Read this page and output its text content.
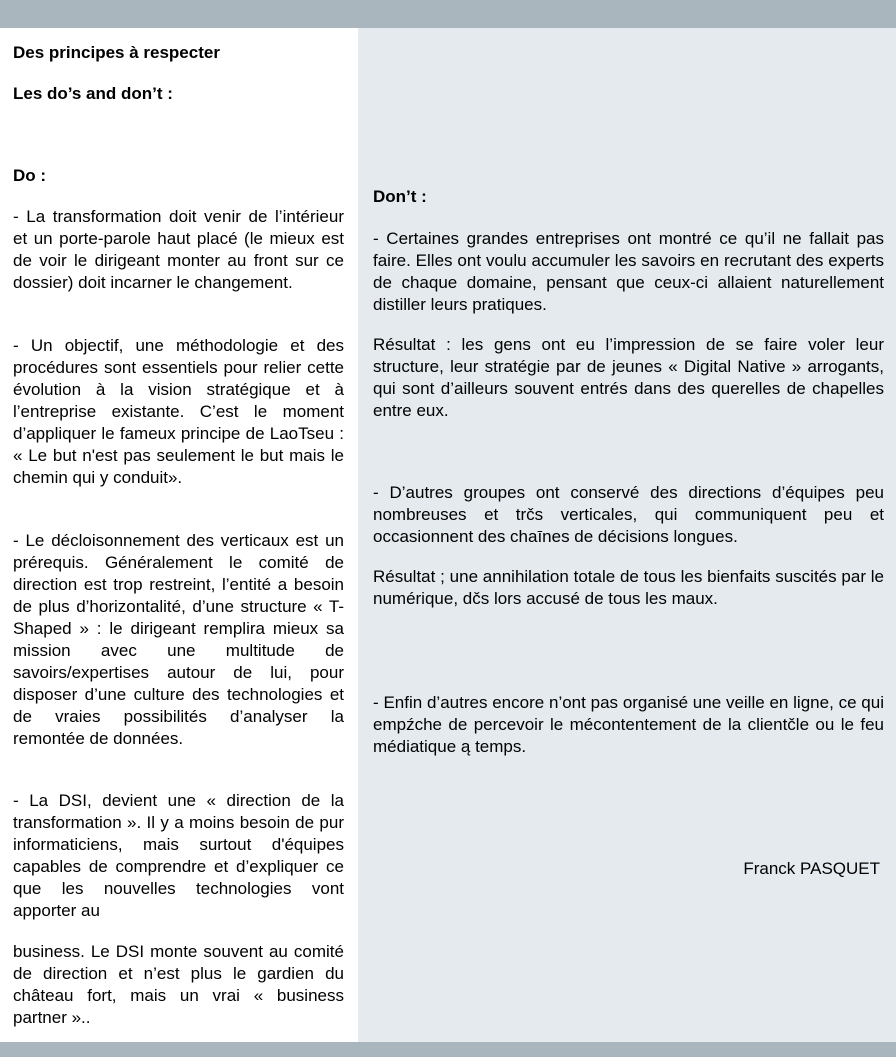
Des principes à respecter

Les do’s and don’t :

Do :

- La transformation doit venir de l’intérieur et un porte-parole haut placé (le mieux est de voir le dirigeant monter au front sur ce dossier) doit incarner le changement.

- Un objectif, une méthodologie et des procédures sont essentiels pour relier cette évolution à la vision stratégique et à l’entreprise existante. C’est le moment d’appliquer le fameux principe de LaoTseu : « Le but n'est pas seulement le but mais le chemin qui y conduit».

- Le décloisonnement des verticaux est un prérequis. Généralement le comité de direction est trop restreint, l’entité a besoin de plus d’horizontalité, d’une structure « T-Shaped » : le dirigeant remplira mieux sa mission avec une multitude de savoirs/expertises autour de lui, pour disposer d’une culture des technologies et de vraies possibilités d’analyser la remontée de données.

- La DSI, devient une « direction de la transformation ». Il y a moins besoin de pur informaticiens, mais surtout d'équipes capables de comprendre et d’expliquer ce que les nouvelles technologies vont apporter au

business. Le DSI monte souvent au comité de direction et n’est plus le gardien du château fort, mais un vrai « business partner »..

Don’t :

- Certaines grandes entreprises ont montré ce qu’il ne fallait pas faire. Elles ont voulu accumuler les savoirs en recrutant des experts de chaque domaine, pensant que ceux-ci allaient naturellement distiller leurs pratiques.

Résultat : les gens ont eu l’impression de se faire voler leur structure, leur stratégie par de jeunes « Digital Native » arrogants, qui sont d’ailleurs souvent entrés dans des querelles de chapelles entre eux.

- D’autres groupes ont conservé des directions d’équipes peu nombreuses et trčs verticales, qui communiquent peu et occasionnent des chaīnes de décisions longues.

Résultat ; une annihilation totale de tous les bienfaits suscités par le numérique, dčs lors accusé de tous les maux.

- Enfin d’autres encore n’ont pas organisé une veille en ligne, ce qui empźche de percevoir le mécontentement de la clientčle ou le feu médiatique ą temps.

Franck PASQUET
